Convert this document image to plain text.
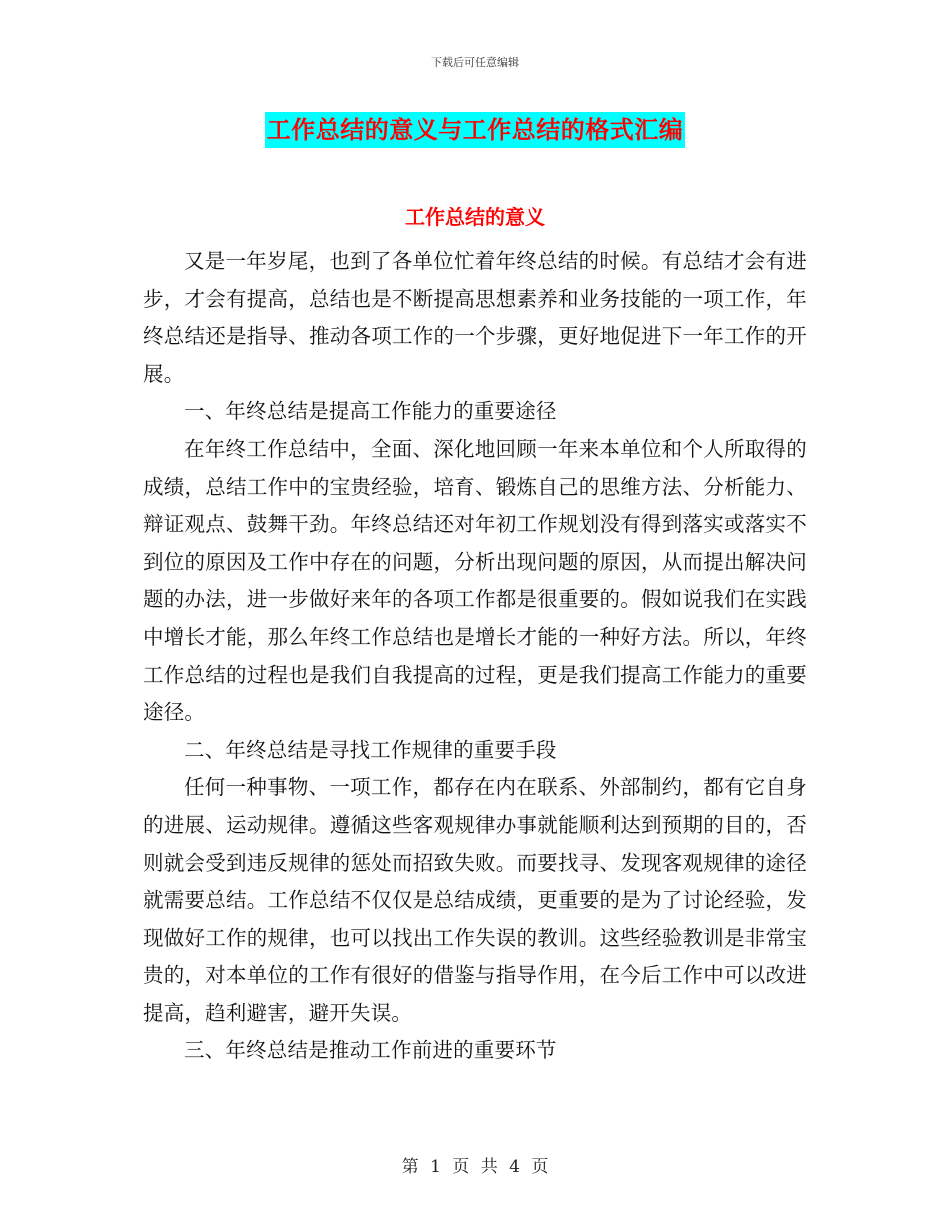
下载后可任意编辑
工作总结的意义与工作总结的格式汇编
工作总结的意义

又是一年岁尾，也到了各单位忙着年终总结的时候。有总结才会有进步，才会有提高，总结也是不断提高思想素养和业务技能的一项工作，年终总结还是指导、推动各项工作的一个步骤，更好地促进下一年工作的开展。

一、年终总结是提高工作能力的重要途径

在年终工作总结中，全面、深化地回顾一年来本单位和个人所取得的成绩，总结工作中的宝贵经验，培育、锻炼自己的思维方法、分析能力、辩证观点、鼓舞干劲。年终总结还对年初工作规划没有得到落实或落实不到位的原因及工作中存在的问题，分析出现问题的原因，从而提出解决问题的办法，进一步做好来年的各项工作都是很重要的。假如说我们在实践中增长才能，那么年终工作总结也是增长才能的一种好方法。所以，年终工作总结的过程也是我们自我提高的过程，更是我们提高工作能力的重要途径。

二、年终总结是寻找工作规律的重要手段

任何一种事物、一项工作，都存在内在联系、外部制约，都有它自身的进展、运动规律。遵循这些客观规律办事就能顺利达到预期的目的，否则就会受到违反规律的惩处而招致失败。而要找寻、发现客观规律的途径就需要总结。工作总结不仅仅是总结成绩，更重要的是为了讨论经验，发现做好工作的规律，也可以找出工作失误的教训。这些经验教训是非常宝贵的，对本单位的工作有很好的借鉴与指导作用，在今后工作中可以改进提高，趋利避害，避开失误。

三、年终总结是推动工作前进的重要环节

第 1 页 共 4 页
